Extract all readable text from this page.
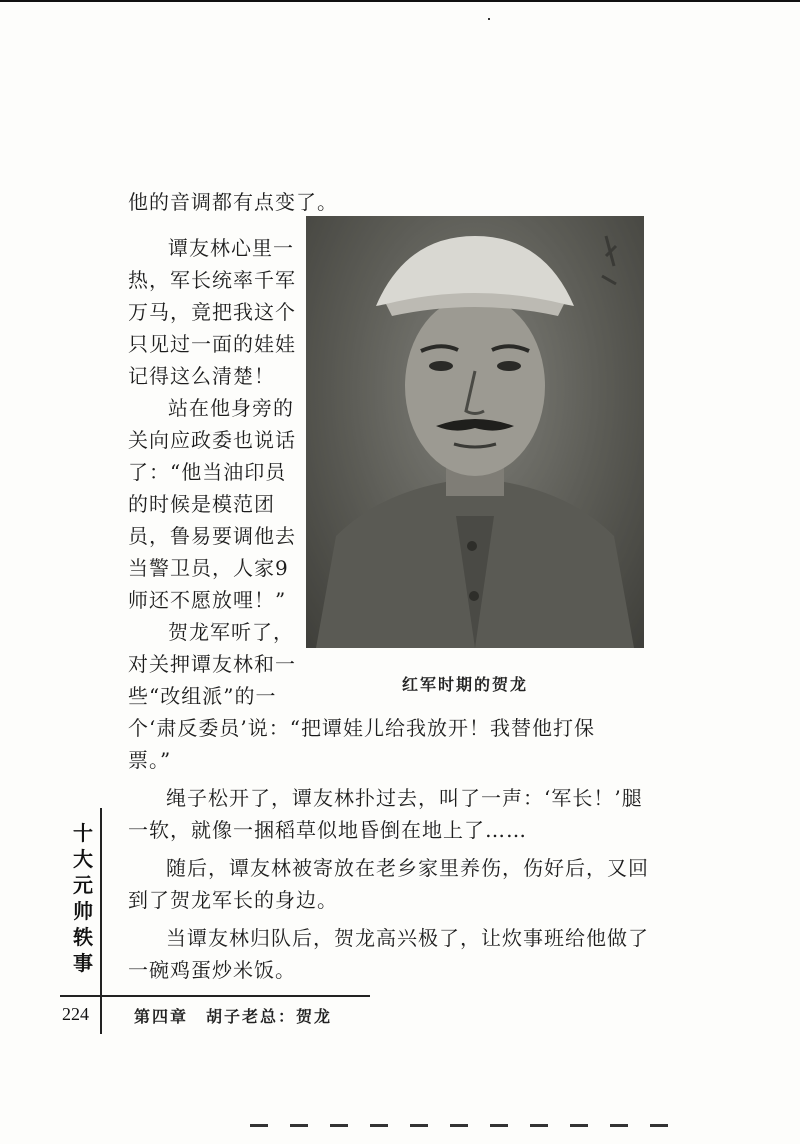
他的音调都有点变了。
谭友林心里一
热，军长统率千军
万马，竟把我这个
只见过一面的娃娃
记得这么清楚！
站在他身旁的
关向应政委也说话
了：“他当油印员
的时候是模范团
员，鲁易要调他去
当警卫员，人家9
师还不愿放哩！”
贺龙军听了，
对关押谭友林和一
些“改组派”的一
个‘肃反委员’说：“把谭娃儿给我放开！我替他打保
票。”
绳子松开了，谭友林扑过去，叫了一声：‘军长！’腿
一软，就像一捆稻草似地昏倒在地上了……
随后，谭友林被寄放在老乡家里养伤，伤好后，又回
到了贺龙军长的身边。
当谭友林归队后，贺龙高兴极了，让炊事班给他做了
一碗鸡蛋炒米饭。
红军时期的贺龙
十大元帅轶事
224	第四章　胡子老总：贺龙
